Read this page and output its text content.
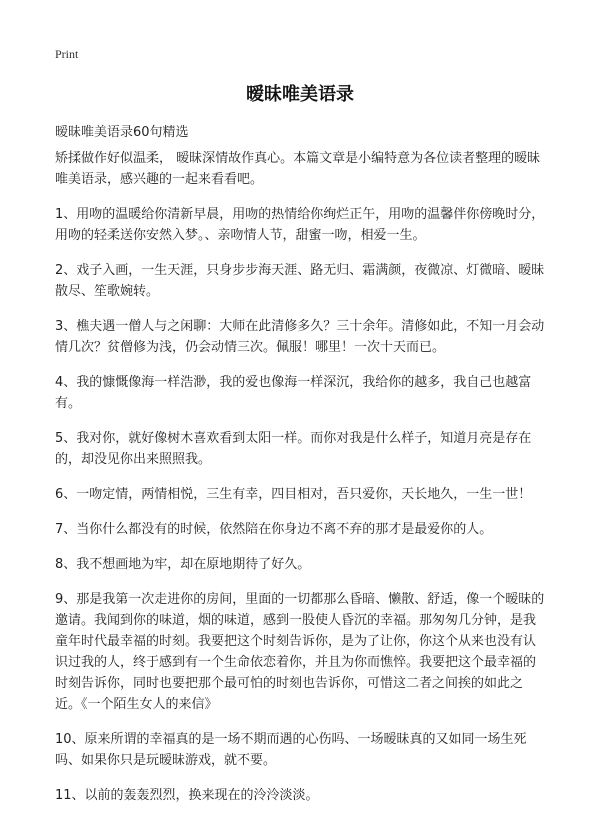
Print
暧昧唯美语录

暧昧唯美语录60句精选

矫揉做作好似温柔， 暧昧深情故作真心。本篇文章是小编特意为各位读者整理的暧昧唯美语录，感兴趣的一起来看看吧。

1、用吻的温暖给你清新早晨，用吻的热情给你绚烂正午，用吻的温馨伴你傍晚时分，用吻的轻柔送你安然入梦。、亲吻情人节，甜蜜一吻，相爱一生。

2、戏子入画，一生天涯，只身步步海天涯、路无归、霜满颜，夜微凉、灯微暗、暧昧散尽、笙歌婉转。

3、樵夫遇一僧人与之闲聊：大师在此清修多久？三十余年。清修如此，不知一月会动情几次？贫僧修为浅，仍会动情三次。佩服！哪里！一次十天而已。

4、我的慷慨像海一样浩渺，我的爱也像海一样深沉，我给你的越多，我自己也越富有。

5、我对你，就好像树木喜欢看到太阳一样。而你对我是什么样子，知道月亮是存在的，却没见你出来照照我。

6、一吻定情，两情相悦，三生有幸，四目相对，吾只爱你，天长地久，一生一世！

7、当你什么都没有的时候，依然陪在你身边不离不弃的那才是最爱你的人。

8、我不想画地为牢，却在原地期待了好久。

9、那是我第一次走进你的房间，里面的一切都那么昏暗、懒散、舒适，像一个暧昧的邀请。我闻到你的味道，烟的味道，感到一股使人昏沉的幸福。那匆匆几分钟，是我童年时代最幸福的时刻。我要把这个时刻告诉你，是为了让你，你这个从来也没有认识过我的人，终于感到有一个生命依恋着你，并且为你而憔悴。我要把这个最幸福的时刻告诉你，同时也要把那个最可怕的时刻也告诉你，可惜这二者之间挨的如此之近。《一个陌生女人的来信》

10、原来所谓的幸福真的是一场不期而遇的心伤吗、一场暧昧真的又如同一场生死吗、如果你只是玩暧昧游戏，就不要。

11、以前的轰轰烈烈，换来现在的泠泠淡淡。
